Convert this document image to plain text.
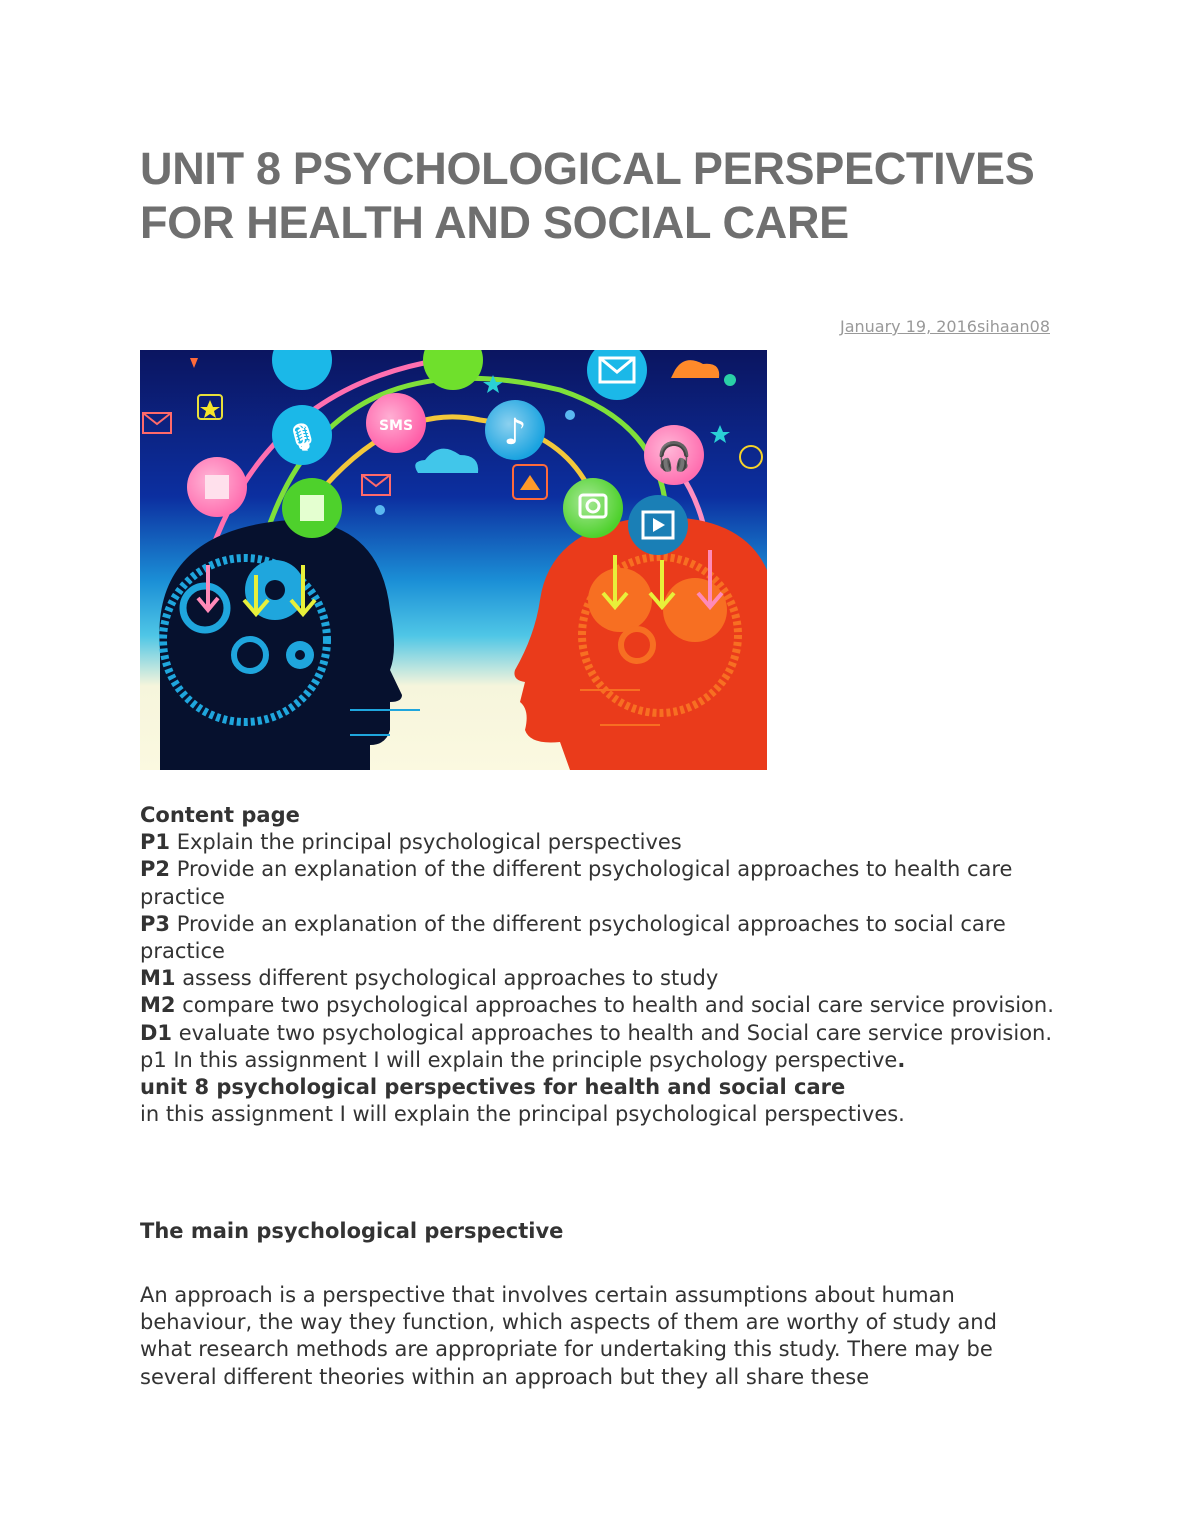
UNIT 8 PSYCHOLOGICAL PERSPECTIVES FOR HEALTH AND SOCIAL CARE
January 19, 2016sihaan08
SMS	♪
🎧
🎙
Content page
P1 Explain the principal psychological perspectives
P2 Provide an explanation of the different psychological approaches to health care practice
P3 Provide an explanation of the different psychological approaches to social care practice
M1 assess different psychological approaches to study
M2 compare two psychological approaches to health and social care service provision.
D1 evaluate two psychological approaches to health and Social care service provision.
p1 In this assignment I will explain the principle psychology perspective.
unit 8 psychological perspectives for health and social care
in this assignment I will explain the principal psychological perspectives.
The main psychological perspective
An approach is a perspective that involves certain assumptions about human behaviour, the way they function, which aspects of them are worthy of study and what research methods are appropriate for undertaking this study. There may be several different theories within an approach but they all share these
